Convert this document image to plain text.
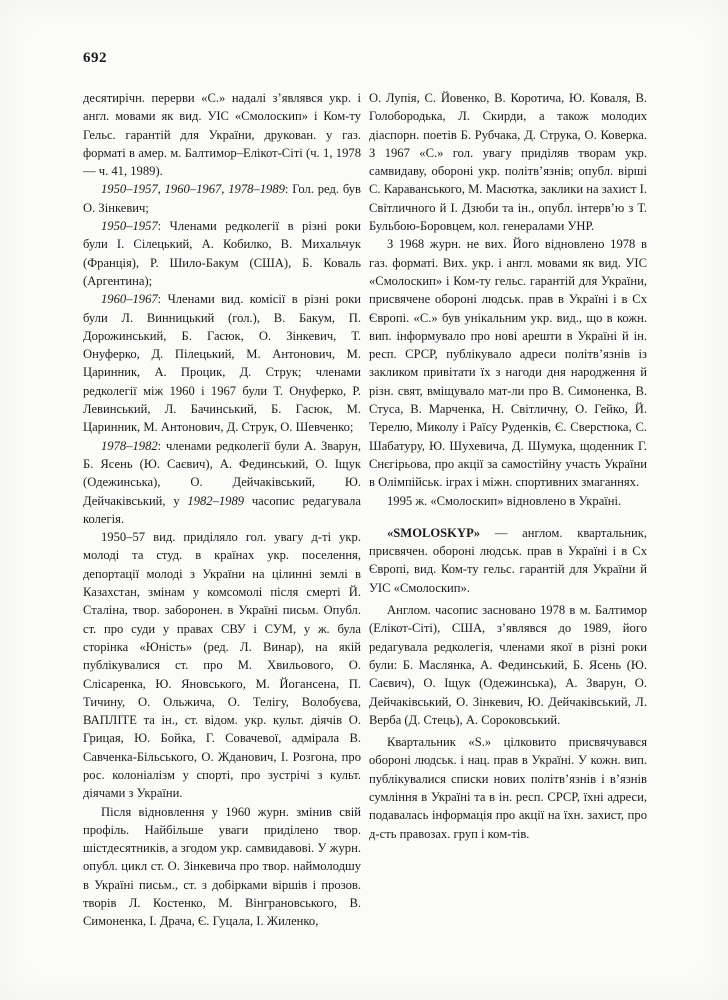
692

десятирічн. перерви «С.» надалі з’являвся укр. і англ. мовами як вид. УІС «Смолоскип» і Ком-ту Гельс. гарантій для України, друкован. у газ. форматі в амер. м. Балтимор–Елікот-Сіті (ч. 1, 1978 — ч. 41, 1989).

1950–1957, 1960–1967, 1978–1989: Гол. ред. був О. Зінкевич;

1950–1957: Членами редколегії в різні роки були І. Сілецький, А. Кобилко, В. Михальчук (Франція), Р. Шило-Бакум (США), Б. Коваль (Аргентина);

1960–1967: Членами вид. комісії в різні роки були Л. Винницький (гол.), В. Бакум, П. Дорожинський, Б. Гасюк, О. Зінкевич, Т. Онуферко, Д. Пілецький, М. Антонович, М. Царинник, А. Процик, Д. Струк; членами редколегії між 1960 і 1967 були Т. Онуферко, Р. Левинський, Л. Бачинський, Б. Гасюк, М. Царинник, М. Антонович, Д. Струк, О. Шевченко;

1978–1982: членами редколегії були А. Зварун, Б. Ясень (Ю. Саєвич), А. Фединський, О. Іщук (Одежинська), О. Дейчаківський, Ю. Дейчаківський, у 1982–1989 часопис редагувала колегія.

1950–57 вид. приділяло гол. увагу д-ті укр. молоді та студ. в країнах укр. поселення, депортації молоді з України на цілинні землі в Казахстан, змінам у комсомолі після смерті Й. Сталіна, твор. заборонен. в Україні письм. Опубл. ст. про суди у правах СВУ і СУМ, у ж. була сторінка «Юність» (ред. Л. Винар), на якій публікувалися ст. про М. Хвильового, О. Слісаренка, Ю. Яновського, М. Йогансена, П. Тичину, О. Ольжича, О. Телігу, Волобуєва, ВАПЛІТЕ та ін., ст. відом. укр. культ. діячів О. Грицая, Ю. Бойка, Г. Совачевої, адмірала В. Савченка-Більського, О. Жданович, І. Розгона, про рос. колоніалізм у спорті, про зустрічі з культ. діячами з України.

Після відновлення у 1960 журн. змінив свій профіль. Найбільше уваги приділено твор. шістдесятників, а згодом укр. самвидавові. У журн. опубл. цикл ст. О. Зінкевича про твор. наймолодшу в Україні письм., ст. з добірками віршів і прозов. творів Л. Костенко, М. Вінграновського, В. Симоненка, І. Драча, Є. Гуцала, І. Жиленко,

О. Лупія, С. Йовенко, В. Коротича, Ю. Коваля, В. Голобородька, Л. Скирди, а також молодих діаспорн. поетів Б. Рубчака, Д. Струка, О. Коверка. З 1967 «С.» гол. увагу приділяв творам укр. самвидаву, обороні укр. політв’язнів; опубл. вірші С. Караванського, М. Масютка, заклики на захист І. Світличного й І. Дзюби та ін., опубл. інтерв’ю з Т. Бульбою-Боровцем, кол. генералами УНР.

З 1968 журн. не вих. Його відновлено 1978 в газ. форматі. Вих. укр. і англ. мовами як вид. УІС «Смолоскип» і Ком-ту гельс. гарантій для України, присвячене обороні людськ. прав в Україні і в Сх Європі. «С.» був унікальним укр. вид., що в кожн. вип. інформувало про нові арешти в Україні й ін. респ. СРСР, публікувало адреси політв’язнів із закликом привітати їх з нагоди дня народження й різн. свят, вміщувало мат-ли про В. Симоненка, В. Стуса, В. Марченка, Н. Світличну, О. Гейко, Й. Терелю, Миколу і Раїсу Руденків, Є. Сверстюка, С. Шабатуру, Ю. Шухевича, Д. Шумука, щоденник Г. Снєгірьова, про акції за самостійну участь України в Олімпійськ. іграх і міжн. спортивних змаганнях.

1995 ж. «Смолоскип» відновлено в Україні.

«SMOLOSKYP» — англом. квартальник, присвячен. обороні людськ. прав в Україні і в Сх Європі, вид. Ком-ту гельс. гарантій для України й УІС «Смолоскип».

Англом. часопис засновано 1978 в м. Балтимор (Елікот-Сіті), США, з’являвся до 1989, його редагувала редколегія, членами якої в різні роки були: Б. Маслянка, А. Фединський, Б. Ясень (Ю. Саєвич), О. Іщук (Одежинська), А. Зварун, О. Дейчаківський, О. Зінкевич, Ю. Дейчаківський, Л. Верба (Д. Стець), А. Сороковський.

Квартальник «S.» цілковито присвячувався обороні людськ. і нац. прав в Україні. У кожн. вип. публікувалися списки нових політв’язнів і в’язнів сумління в Україні та в ін. респ. СРСР, їхні адреси, подавалась інформація про акції на їхн. захист, про д-сть правозах. груп і ком-тів.
